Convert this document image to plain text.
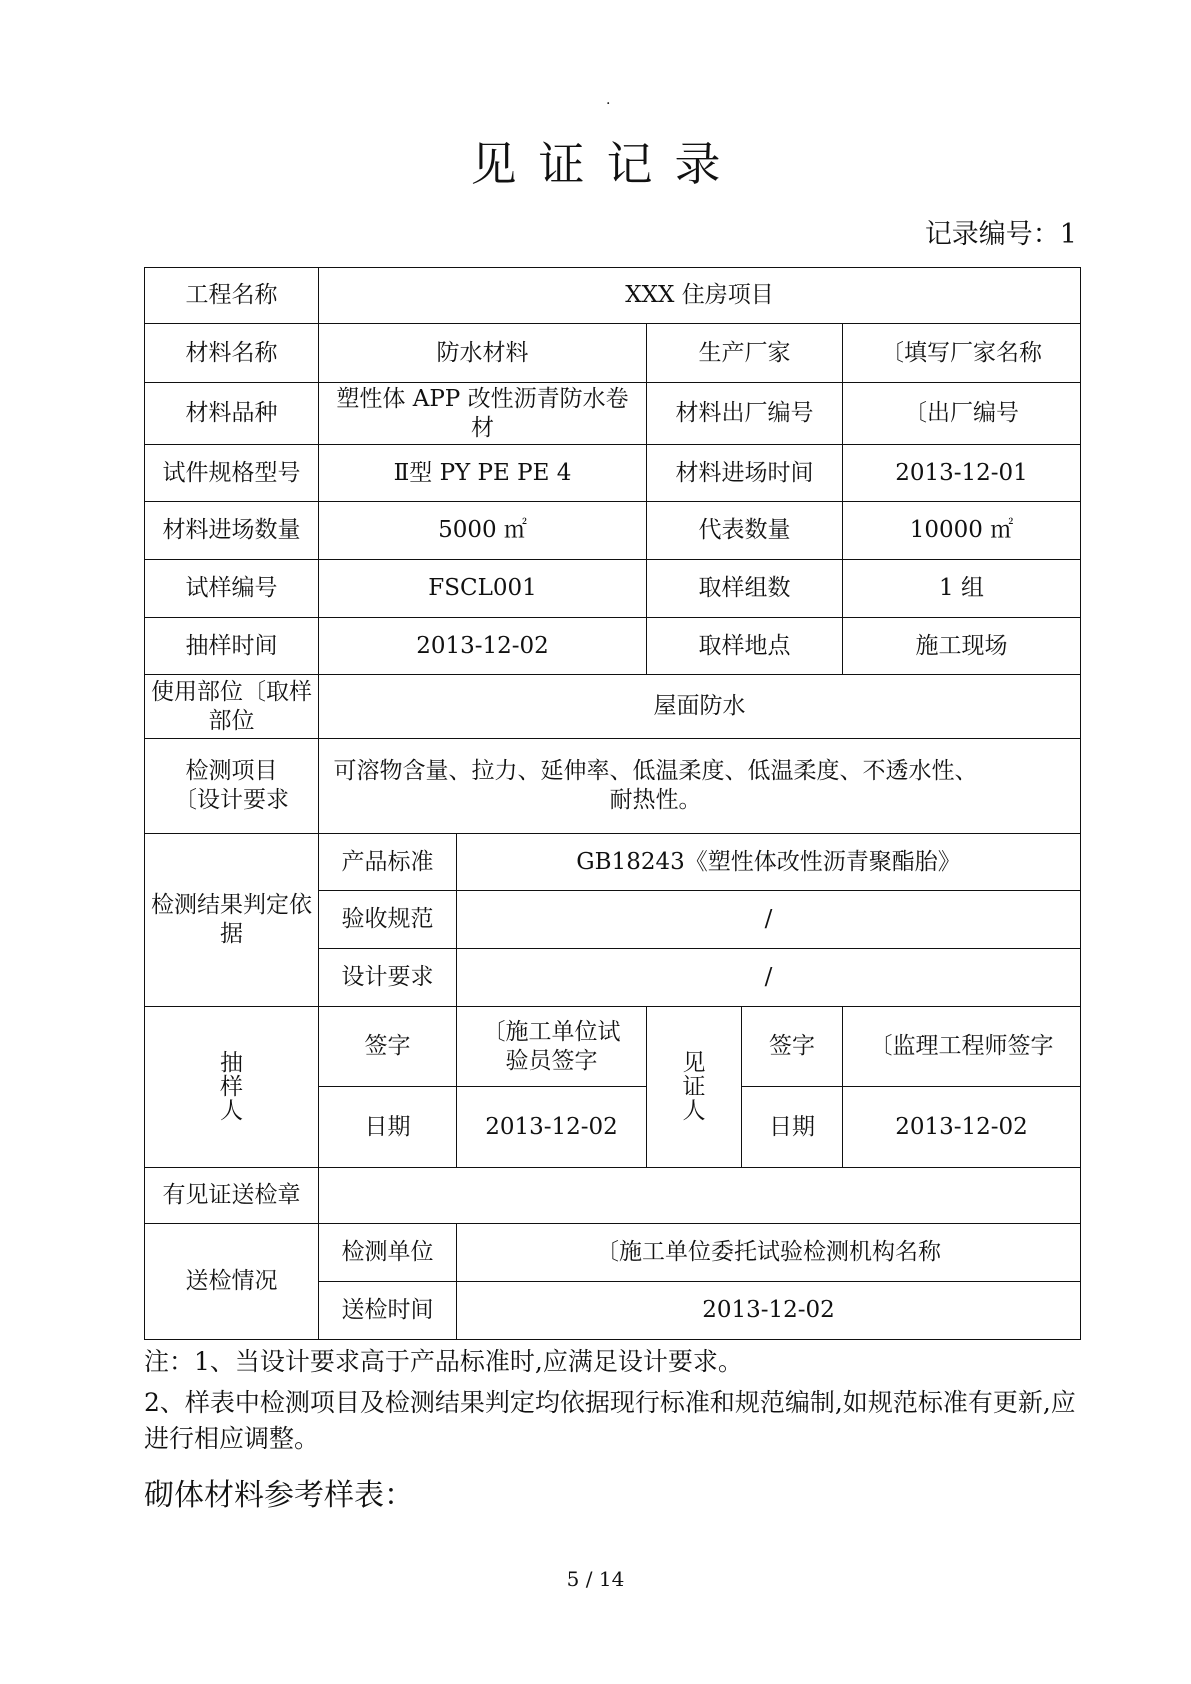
.
见证记录
记录编号：1
工程名称	XXX 住房项目				
材料名称	防水材料		生产厂家		〔填写厂家名称
材料品种	塑性体 APP 改性沥青防水卷材		材料出厂编号		〔出厂编号
试件规格型号	Ⅱ型 PY PE PE 4		材料进场时间		2013-12-01
材料进场数量	5000 ㎡		代表数量		10000 ㎡
试样编号	FSCL001		取样组数		1 组
抽样时间	2013-12-02		取样地点		施工现场
使用部位〔取样部位	屋面防水				
检测项目〔设计要求	可溶物含量、拉力、延伸率、低温柔度、低温柔度、不透水性、耐热性。				
检测结果判定依据	产品标准	GB18243《塑性体改性沥青聚酯胎》			
	验收规范	/			
	设计要求	/			
抽样人	签字	〔施工单位试验员签字	见证人	签字	〔监理工程师签字
	日期	2013-12-02		日期	2013-12-02
有见证送检章					
送检情况	检测单位	〔施工单位委托试验检测机构名称			
	送检时间	2013-12-02			
注：1、当设计要求高于产品标准时,应满足设计要求。
2、样表中检测项目及检测结果判定均依据现行标准和规范编制,如规范标准有更新,应进行相应调整。
砌体材料参考样表：
5 / 14
